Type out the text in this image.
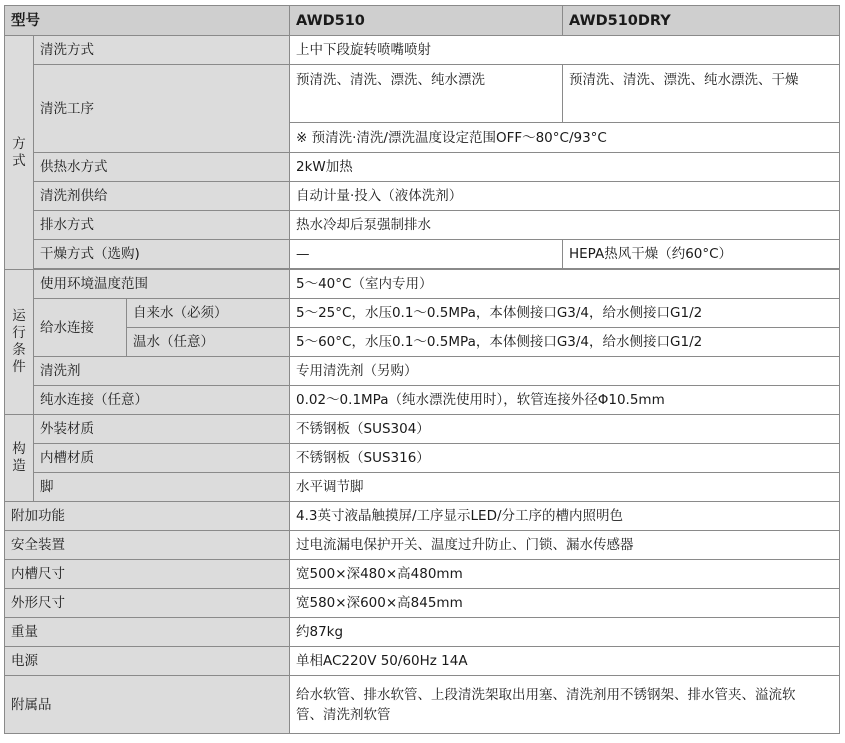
型号			AWD510	AWD510DRY

方式	清洗方式		上中下段旋转喷嘴喷射	
	清洗工序		预清洗、清洗、漂洗、纯水漂洗	预清洗、清洗、漂洗、纯水漂洗、干燥
			※ 预清洗·清洗/漂洗温度设定范围OFF～80°C/93°C	
	供热水方式		2kW加热	
	清洗剂供给		自动计量·投入（液体洗剂）	
	排水方式		热水冷却后泵强制排水	
	干燥方式（选购)		—	HEPA热风干燥（约60°C）

运行条件	使用环境温度范围		5～40°C（室内专用）	
	给水连接	自来水（必须）	5～25°C，水压0.1～0.5MPa，本体侧接口G3/4，给水侧接口G1/2	
		温水（任意）	5～60°C，水压0.1～0.5MPa，本体侧接口G3/4，给水侧接口G1/2	
	清洗剂		专用清洗剂（另购）	
	纯水连接（任意）		0.02～0.1MPa（纯水漂洗使用时），软管连接外径Φ10.5mm	

构造	外装材质		不锈钢板（SUS304）	
	内槽材质		不锈钢板（SUS316）	
	脚		水平调节脚	
附加功能			4.3英寸液晶触摸屏/工序显示LED/分工序的槽内照明色	
安全装置			过电流漏电保护开关、温度过升防止、门锁、漏水传感器	
内槽尺寸			宽500×深480×高480mm	
外形尺寸			宽580×深600×高845mm	
重量			约87kg	
电源			单相AC220V 50/60Hz 14A	
附属品			给水软管、排水软管、上段清洗架取出用塞、清洗剂用不锈钢架、排水管夹、溢流软管、清洗剂软管	
